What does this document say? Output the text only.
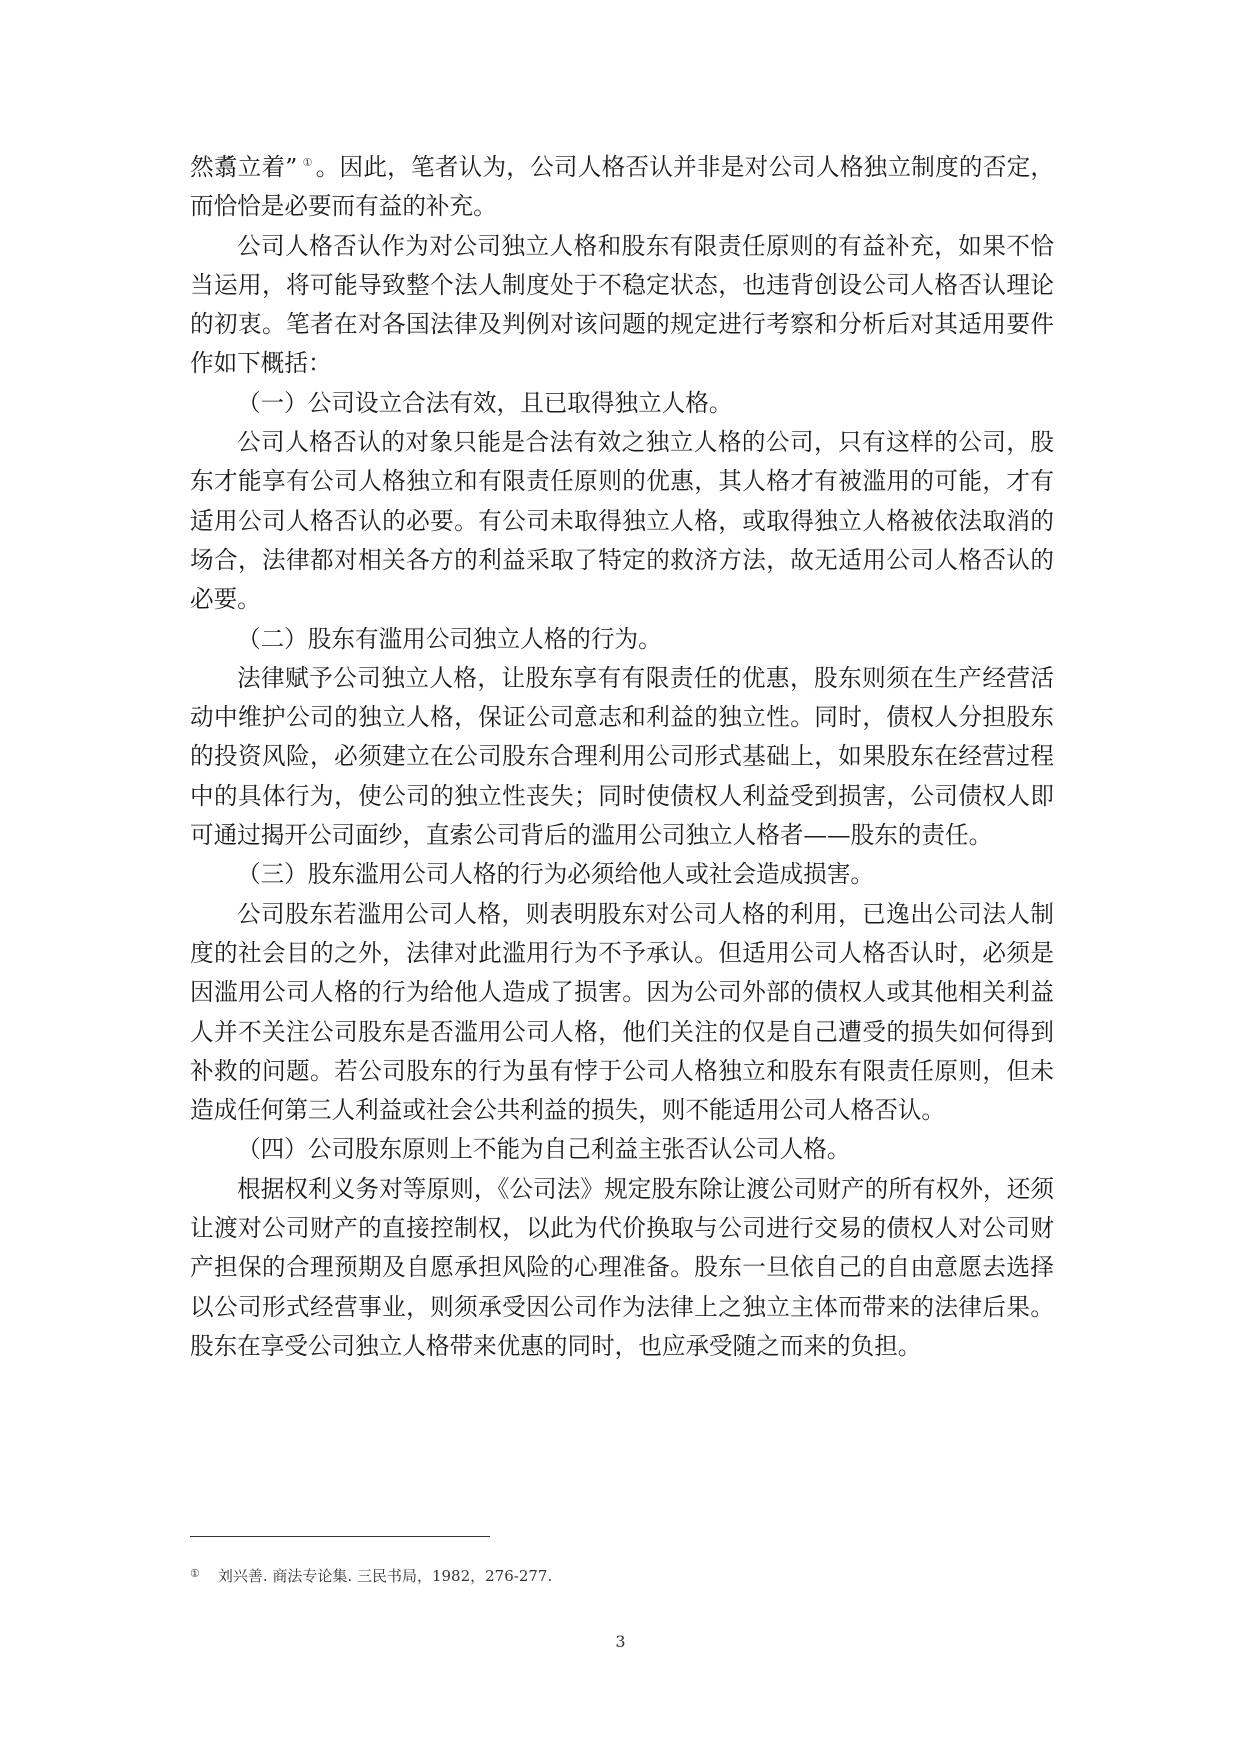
然翥立着” ① 。因此，笔者认为，公司人格否认并非是对公司人格独立制度的否定，而恰恰是必要而有益的补充。

公司人格否认作为对公司独立人格和股东有限责任原则的有益补充，如果不恰当运用，将可能导致整个法人制度处于不稳定状态，也违背创设公司人格否认理论的初衷。笔者在对各国法律及判例对该问题的规定进行考察和分析后对其适用要件作如下概括：

（一）公司设立合法有效，且已取得独立人格。

公司人格否认的对象只能是合法有效之独立人格的公司，只有这样的公司，股东才能享有公司人格独立和有限责任原则的优惠，其人格才有被滥用的可能，才有适用公司人格否认的必要。有公司未取得独立人格，或取得独立人格被依法取消的场合，法律都对相关各方的利益采取了特定的救济方法，故无适用公司人格否认的必要。

（二）股东有滥用公司独立人格的行为。

法律赋予公司独立人格，让股东享有有限责任的优惠，股东则须在生产经营活动中维护公司的独立人格，保证公司意志和利益的独立性。同时，债权人分担股东的投资风险，必须建立在公司股东合理利用公司形式基础上，如果股东在经营过程中的具体行为，使公司的独立性丧失；同时使债权人利益受到损害，公司债权人即可通过揭开公司面纱，直索公司背后的滥用公司独立人格者——股东的责任。

（三）股东滥用公司人格的行为必须给他人或社会造成损害。

公司股东若滥用公司人格，则表明股东对公司人格的利用，已逸出公司法人制度的社会目的之外，法律对此滥用行为不予承认。但适用公司人格否认时，必须是因滥用公司人格的行为给他人造成了损害。因为公司外部的债权人或其他相关利益人并不关注公司股东是否滥用公司人格，他们关注的仅是自己遭受的损失如何得到补救的问题。若公司股东的行为虽有悖于公司人格独立和股东有限责任原则，但未造成任何第三人利益或社会公共利益的损失，则不能适用公司人格否认。

（四）公司股东原则上不能为自己利益主张否认公司人格。

根据权利义务对等原则，《公司法》规定股东除让渡公司财产的所有权外，还须让渡对公司财产的直接控制权，以此为代价换取与公司进行交易的债权人对公司财产担保的合理预期及自愿承担风险的心理准备。股东一旦依自己的自由意愿去选择以公司形式经营事业，则须承受因公司作为法律上之独立主体而带来的法律后果。股东在享受公司独立人格带来优惠的同时，也应承受随之而来的负担。

① 刘兴善. 商法专论集. 三民书局，1982，276-277.
3
